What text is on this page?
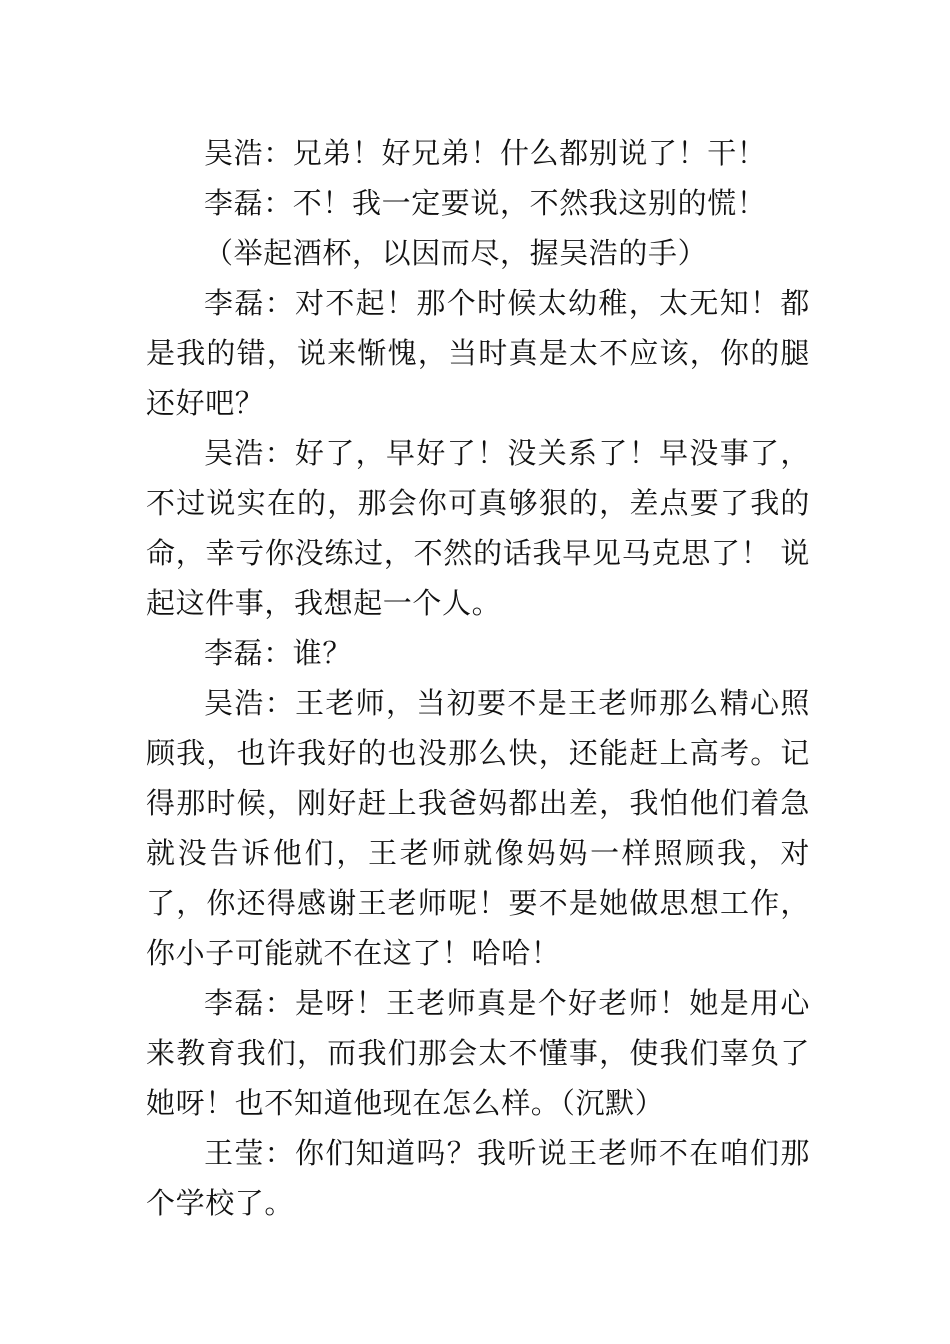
吴浩：兄弟！好兄弟！什么都别说了！干！

李磊：不！我一定要说，不然我这别的慌！

（举起酒杯，以因而尽，握吴浩的手）

李磊：对不起！那个时候太幼稚，太无知！都是我的错，说来惭愧，当时真是太不应该，你的腿还好吧？

吴浩：好了，早好了！没关系了！早没事了，不过说实在的，那会你可真够狠的，差点要了我的命，幸亏你没练过，不然的话我早见马克思了！ 说起这件事，我想起一个人。

李磊：谁？

吴浩：王老师，当初要不是王老师那么精心照顾我，也许我好的也没那么快，还能赶上高考。记得那时候，刚好赶上我爸妈都出差，我怕他们着急就没告诉他们，王老师就像妈妈一样照顾我，对了，你还得感谢王老师呢！要不是她做思想工作，你小子可能就不在这了！哈哈！

李磊：是呀！王老师真是个好老师！她是用心来教育我们，而我们那会太不懂事，使我们辜负了她呀！也不知道他现在怎么样。（沉默）

王莹：你们知道吗？我听说王老师不在咱们那个学校了。
